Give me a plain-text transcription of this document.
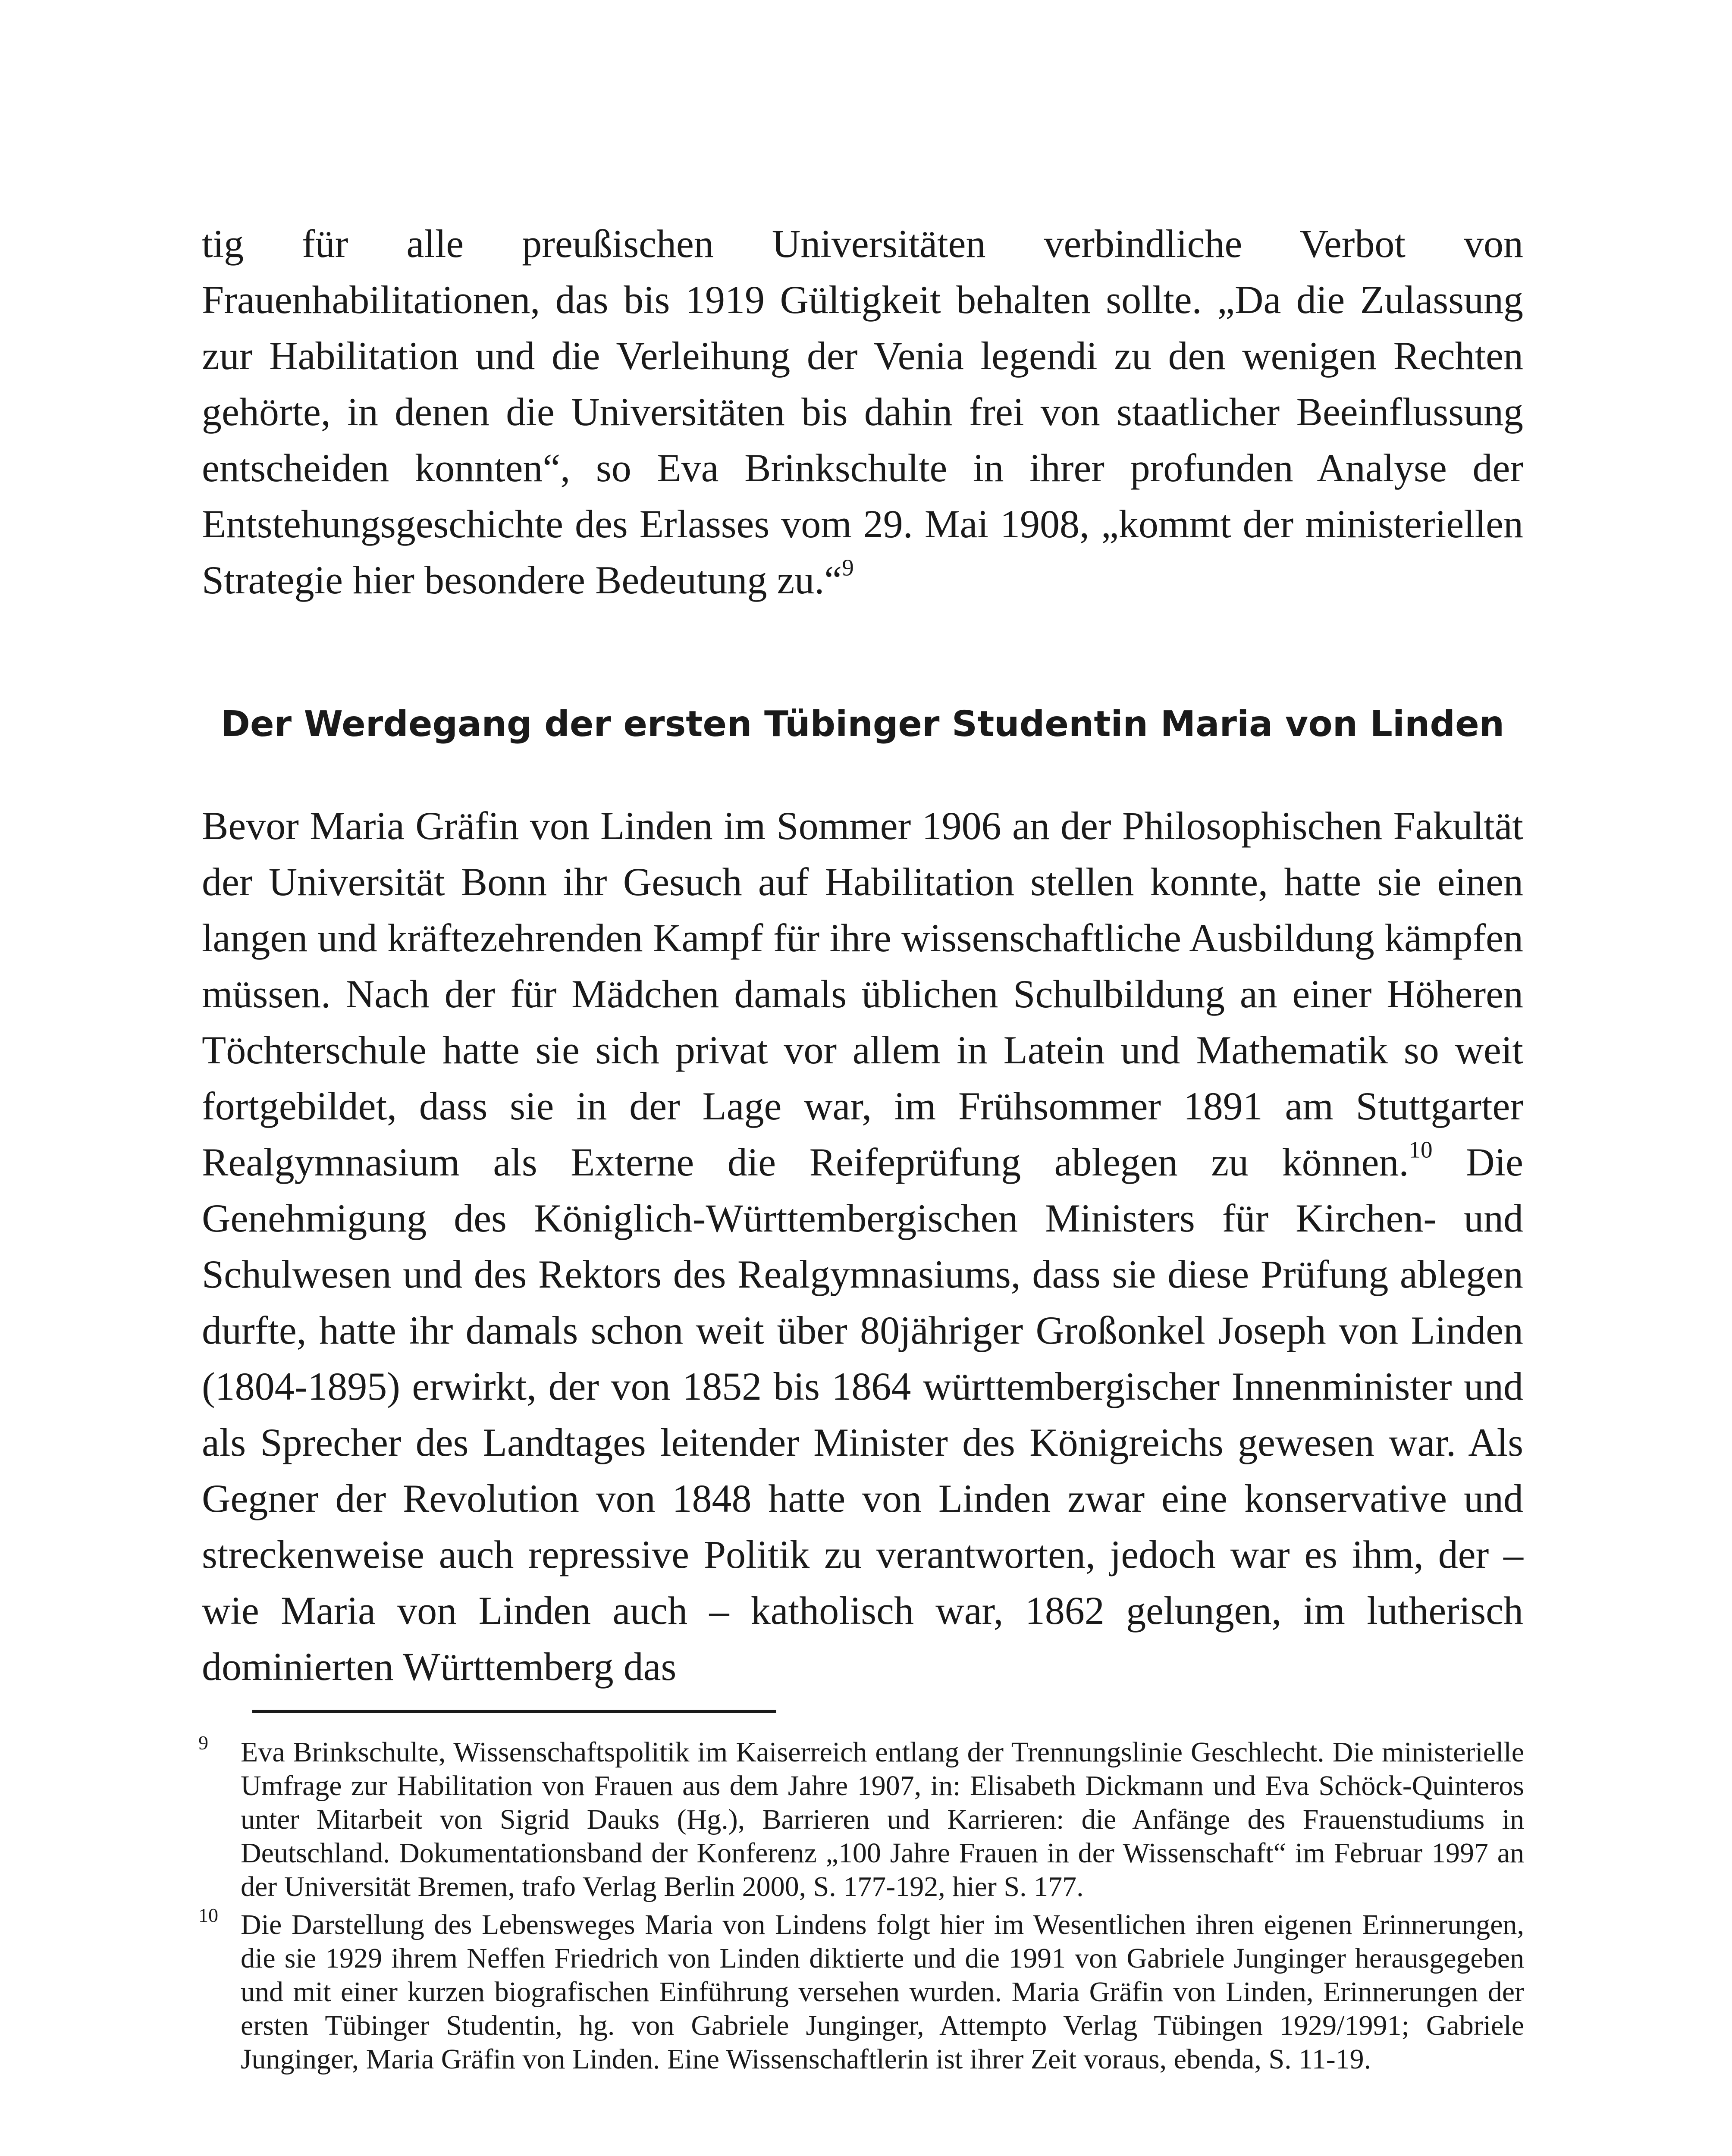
tig für alle preußischen Universitäten verbindliche Verbot von Frauenhabilitationen, das bis 1919 Gültigkeit behalten sollte. „Da die Zulassung zur Habilitation und die Verleihung der Venia legendi zu den wenigen Rechten gehörte, in denen die Universitäten bis dahin frei von staatlicher Beeinflussung entscheiden konnten“, so Eva Brinkschulte in ihrer profunden Analyse der Entstehungsgeschichte des Erlasses vom 29. Mai 1908, „kommt der ministeriellen Strategie hier besondere Bedeutung zu.“$^9$

Der Werdegang der ersten Tübinger Studentin Maria von Linden

Bevor Maria Gräfin von Linden im Sommer 1906 an der Philosophischen Fakultät der Universität Bonn ihr Gesuch auf Habilitation stellen konnte, hatte sie einen langen und kräftezehrenden Kampf für ihre wissenschaftliche Ausbildung kämpfen müssen. Nach der für Mädchen damals üblichen Schulbildung an einer Höheren Töchterschule hatte sie sich privat vor allem in Latein und Mathematik so weit fortgebildet, dass sie in der Lage war, im Frühsommer 1891 am Stuttgarter Realgymnasium als Externe die Reifeprüfung ablegen zu können.$^{10}$ Die Genehmigung des Königlich-Württembergischen Ministers für Kirchen- und Schulwesen und des Rektors des Realgymnasiums, dass sie diese Prüfung ablegen durfte, hatte ihr damals schon weit über 80jähriger Großonkel Joseph von Linden (1804-1895) erwirkt, der von 1852 bis 1864 württembergischer Innenminister und als Sprecher des Landtages leitender Minister des Königreichs gewesen war. Als Gegner der Revolution von 1848 hatte von Linden zwar eine konservative und streckenweise auch repressive Politik zu verantworten, jedoch war es ihm, der – wie Maria von Linden auch – katholisch war, 1862 gelungen, im lutherisch dominierten Württemberg das

9 Eva Brinkschulte, Wissenschaftspolitik im Kaiserreich entlang der Trennungslinie Geschlecht. Die ministerielle Umfrage zur Habilitation von Frauen aus dem Jahre 1907, in: Elisabeth Dickmann und Eva Schöck-Quinteros unter Mitarbeit von Sigrid Dauks (Hg.), Barrieren und Karrieren: die Anfänge des Frauenstudiums in Deutschland. Dokumentationsband der Konferenz „100 Jahre Frauen in der Wissenschaft“ im Februar 1997 an der Universität Bremen, trafo Verlag Berlin 2000, S. 177-192, hier S. 177.

10 Die Darstellung des Lebensweges Maria von Lindens folgt hier im Wesentlichen ihren eigenen Erinnerungen, die sie 1929 ihrem Neffen Friedrich von Linden diktierte und die 1991 von Gabriele Junginger herausgegeben und mit einer kurzen biografischen Einführung versehen wurden. Maria Gräfin von Linden, Erinnerungen der ersten Tübinger Studentin, hg. von Gabriele Junginger, Attempto Verlag Tübingen 1929/1991; Gabriele Junginger, Maria Gräfin von Linden. Eine Wissenschaftlerin ist ihrer Zeit voraus, ebenda, S. 11-19.
